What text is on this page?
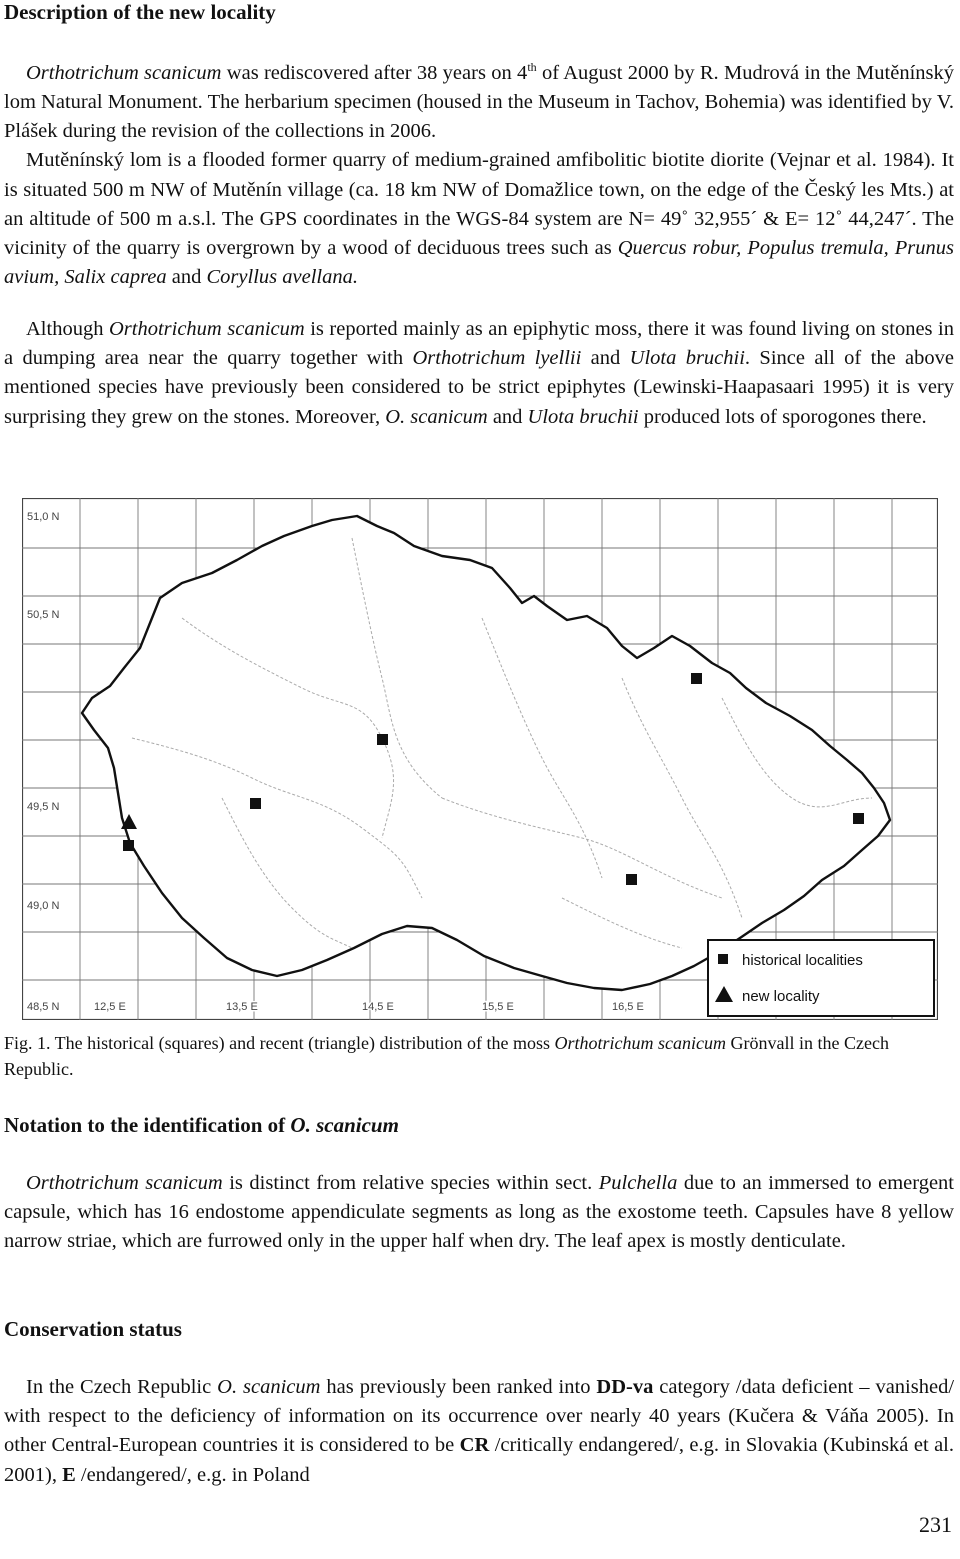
Description of the new locality

Orthotrichum scanicum was rediscovered after 38 years on 4th of August 2000 by R. Mudrová in the Mutěnínský lom Natural Monument. The herbarium specimen (housed in the Museum in Tachov, Bohemia) was identified by V. Plášek during the revision of the collections in 2006.
Mutěnínský lom is a flooded former quarry of medium-grained amfibolitic biotite diorite (Vejnar et al. 1984). It is situated 500 m NW of Mutěnín village (ca. 18 km NW of Domažlice town, on the edge of the Český les Mts.) at an altitude of 500 m a.s.l. The GPS coordinates in the WGS-84 system are N= 49˚ 32,955´ & E= 12˚ 44,247´. The vicinity of the quarry is overgrown by a wood of deciduous trees such as Quercus robur, Populus tremula, Prunus avium, Salix caprea and Coryllus avellana.

Although Orthotrichum scanicum is reported mainly as an epiphytic moss, there it was found living on stones in a dumping area near the quarry together with Orthotrichum lyellii and Ulota bruchii. Since all of the above mentioned species have previously been considered to be strict epiphytes (Lewinski-Haapasaari 1995) it is very surprising they grew on the stones. Moreover, O. scanicum and Ulota bruchii produced lots of sporogones there.

51,0 N
50,5 N
49,5 N
49,0 N
48,5 N	12,5 E	13,5 E	14,5 E	15,5 E	16,5 E
historical localities
new locality

Fig. 1. The historical (squares) and recent (triangle) distribution of the moss Orthotrichum scanicum Grönvall in the Czech Republic.

Notation to the identification of O. scanicum

Orthotrichum scanicum is distinct from relative species within sect. Pulchella due to an immersed to emergent capsule, which has 16 endostome appendiculate segments as long as the exostome teeth. Capsules have 8 yellow narrow striae, which are furrowed only in the upper half when dry. The leaf apex is mostly denticulate.

Conservation status

In the Czech Republic O. scanicum has previously been ranked into DD-va category /data deficient – vanished/ with respect to the deficiency of information on its occurrence over nearly 40 years (Kučera & Váňa 2005). In other Central-European countries it is considered to be CR /critically endangered/, e.g. in Slovakia (Kubinská et al. 2001), E /endangered/, e.g. in Poland

231
